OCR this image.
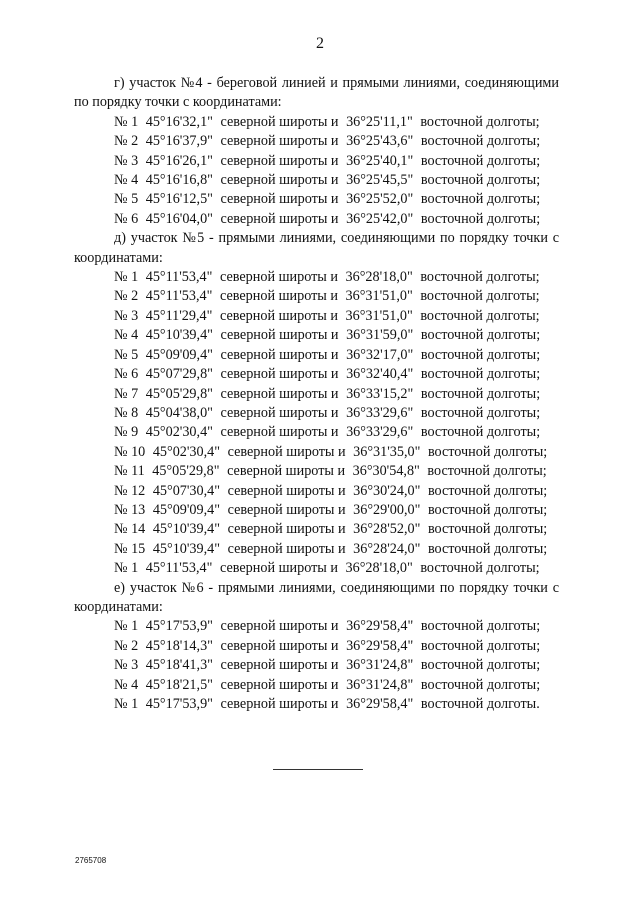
2
г) участок №4 - береговой линией и прямыми линиями, соединяющими по порядку точки с координатами:
№ 1 45°16'32,1" северной широты и 36°25'11,1" восточной долготы;
№ 2 45°16'37,9" северной широты и 36°25'43,6" восточной долготы;
№ 3 45°16'26,1" северной широты и 36°25'40,1" восточной долготы;
№ 4 45°16'16,8" северной широты и 36°25'45,5" восточной долготы;
№ 5 45°16'12,5" северной широты и 36°25'52,0" восточной долготы;
№ 6 45°16'04,0" северной широты и 36°25'42,0" восточной долготы;
д) участок №5 - прямыми линиями, соединяющими по порядку точки с координатами:
№ 1 45°11'53,4" северной широты и 36°28'18,0" восточной долготы;
№ 2 45°11'53,4" северной широты и 36°31'51,0" восточной долготы;
№ 3 45°11'29,4" северной широты и 36°31'51,0" восточной долготы;
№ 4 45°10'39,4" северной широты и 36°31'59,0" восточной долготы;
№ 5 45°09'09,4" северной широты и 36°32'17,0" восточной долготы;
№ 6 45°07'29,8" северной широты и 36°32'40,4" восточной долготы;
№ 7 45°05'29,8" северной широты и 36°33'15,2" восточной долготы;
№ 8 45°04'38,0" северной широты и 36°33'29,6" восточной долготы;
№ 9 45°02'30,4" северной широты и 36°33'29,6" восточной долготы;
№ 10 45°02'30,4" северной широты и 36°31'35,0" восточной долготы;
№ 11 45°05'29,8" северной широты и 36°30'54,8" восточной долготы;
№ 12 45°07'30,4" северной широты и 36°30'24,0" восточной долготы;
№ 13 45°09'09,4" северной широты и 36°29'00,0" восточной долготы;
№ 14 45°10'39,4" северной широты и 36°28'52,0" восточной долготы;
№ 15 45°10'39,4" северной широты и 36°28'24,0" восточной долготы;
№ 1 45°11'53,4" северной широты и 36°28'18,0" восточной долготы;
е) участок №6 - прямыми линиями, соединяющими по порядку точки с координатами:
№ 1 45°17'53,9" северной широты и 36°29'58,4" восточной долготы;
№ 2 45°18'14,3" северной широты и 36°29'58,4" восточной долготы;
№ 3 45°18'41,3" северной широты и 36°31'24,8" восточной долготы;
№ 4 45°18'21,5" северной широты и 36°31'24,8" восточной долготы;
№ 1 45°17'53,9" северной широты и 36°29'58,4" восточной долготы.
2765708
